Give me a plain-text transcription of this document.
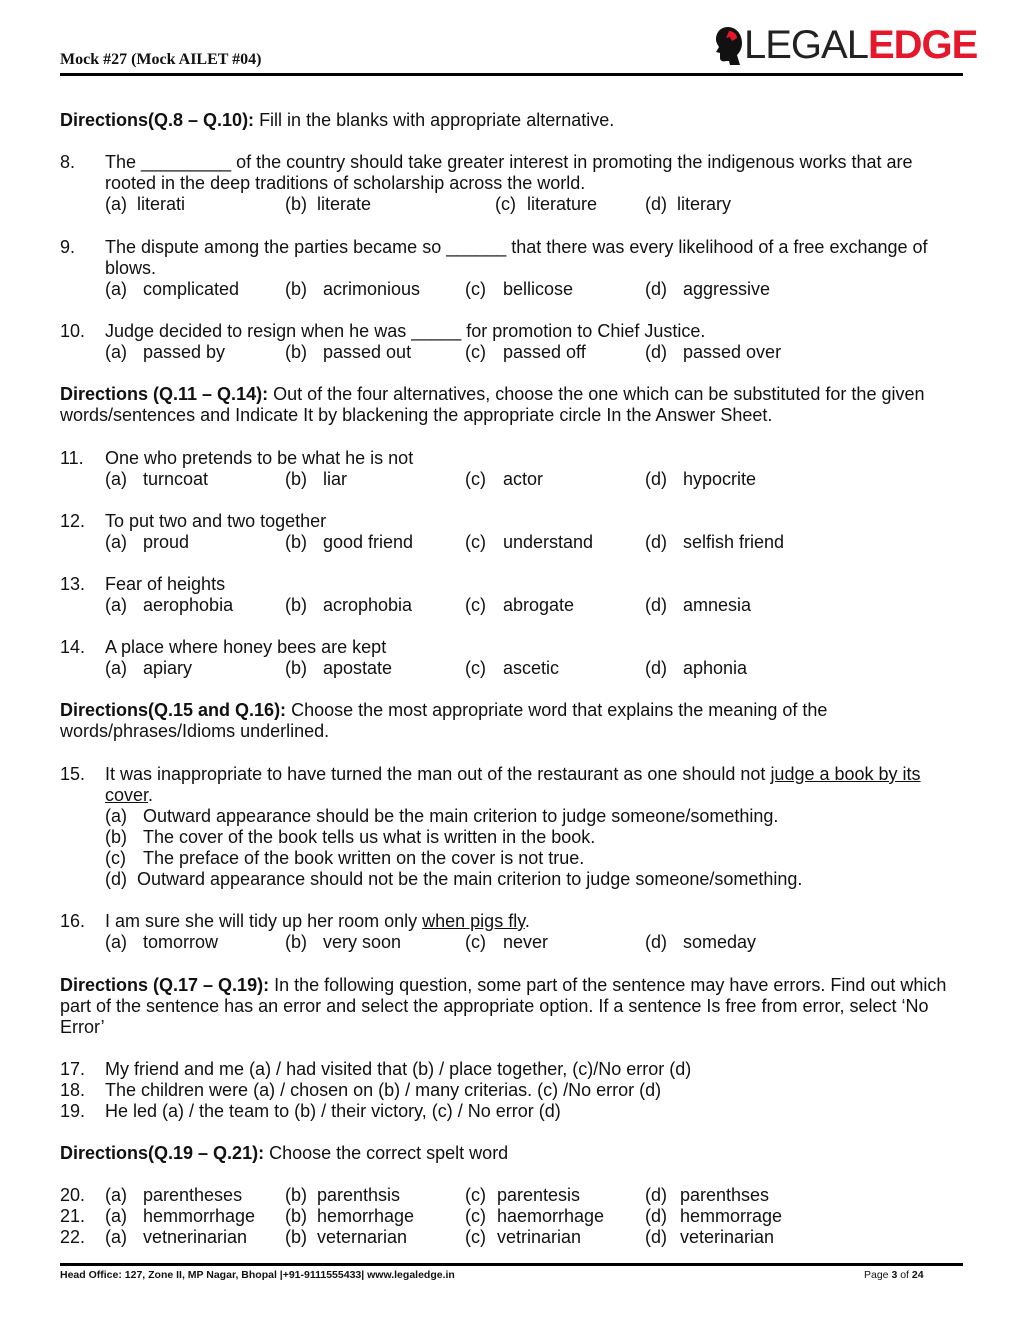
Mock #27 (Mock AILET #04)	LEGAL EDGE
Directions(Q.8 – Q.10): Fill in the blanks with appropriate alternative.
8. The _________ of the country should take greater interest in promoting the indigenous works that are rooted in the deep traditions of scholarship across the world.
(a) literati	(b) literate	(c) literature	(d) literary
9. The dispute among the parties became so ______ that there was every likelihood of a free exchange of blows.
(a) complicated	(b) acrimonious (c) bellicose	(d) aggressive
10. Judge decided to resign when he was _____ for promotion to Chief Justice.
(a) passed by	(b) passed out	(c) passed off	(d) passed over
Directions (Q.11 – Q.14): Out of the four alternatives, choose the one which can be substituted for the given words/sentences and Indicate It by blackening the appropriate circle In the Answer Sheet.
11. One who pretends to be what he is not
(a) turncoat	(b) liar	(c) actor	(d) hypocrite
12. To put two and two together
(a) proud	(b) good friend	(c) understand	(d) selfish friend
13. Fear of heights
(a) aerophobia	(b) acrophobia	(c) abrogate	(d) amnesia
14. A place where honey bees are kept
(a) apiary	(b) apostate	(c) ascetic	(d) aphonia
Directions(Q.15 and Q.16): Choose the most appropriate word that explains the meaning of the words/phrases/Idioms underlined.
15. It was inappropriate to have turned the man out of the restaurant as one should not judge a book by its cover.
(a) Outward appearance should be the main criterion to judge someone/something.
(b) The cover of the book tells us what is written in the book.
(c) The preface of the book written on the cover is not true.
(d) Outward appearance should not be the main criterion to judge someone/something.
16. I am sure she will tidy up her room only when pigs fly.
(a) tomorrow	(b) very soon	(c) never	(d) someday
Directions (Q.17 – Q.19): In the following question, some part of the sentence may have errors. Find out which part of the sentence has an error and select the appropriate option. If a sentence Is free from error, select ‘No Error’
17. My friend and me (a) / had visited that (b) / place together, (c)/No error (d)
18. The children were (a) / chosen on (b) / many criterias. (c) /No error (d)
19. He led (a) / the team to (b) / their victory, (c) / No error (d)
Directions(Q.19 – Q.21): Choose the correct spelt word
20. (a) parentheses (b) parenthsis	(c) parentesis	(d) parenthses
21. (a) hemmorrhage (b) hemorrhage	(c) haemorrhage (d) hemmorrage
22. (a) vetnerinarian (b) veternarian	(c) vetrinarian	(d) veterinarian
Head Office: 127, Zone II, MP Nagar, Bhopal |+91-9111555433| www.legaledge.in	Page 3 of 24
